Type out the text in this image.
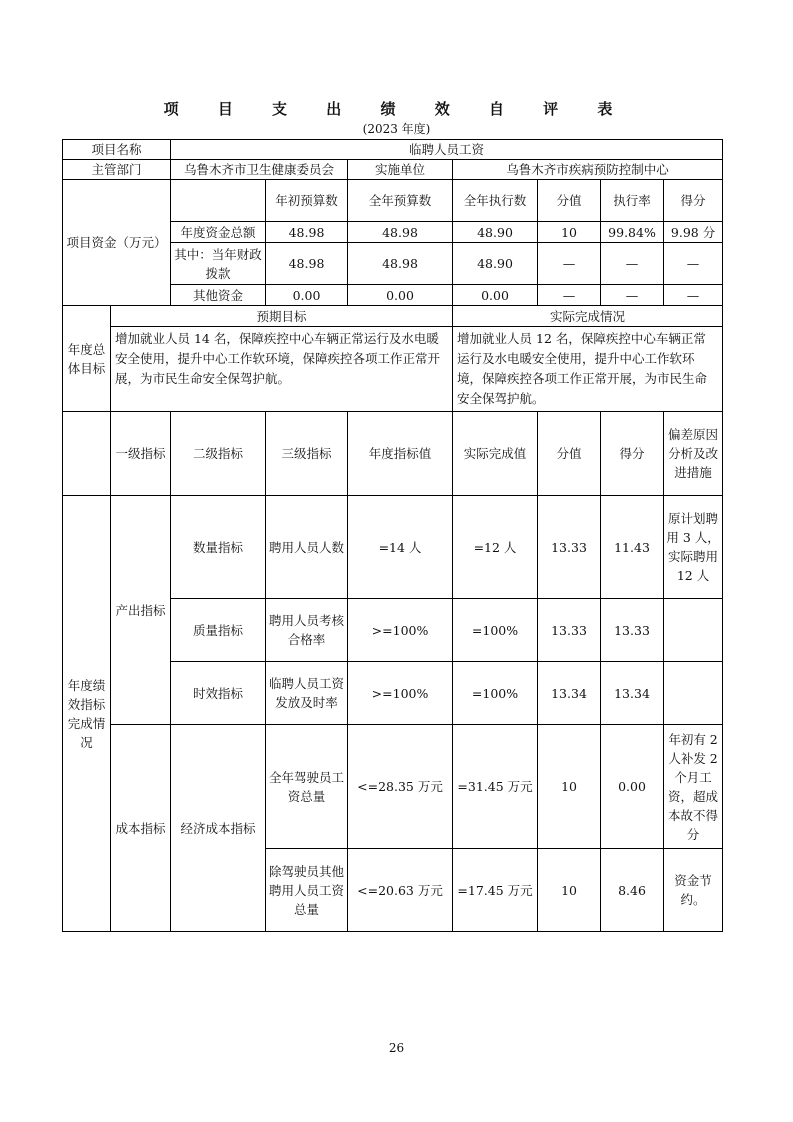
项 目 支 出 绩 效 自 评 表
(2023 年度)
项目名称		临聘人员工资						
主管部门		乌鲁木齐市卫生健康委员会		实施单位	乌鲁木齐市疾病预防控制中心			
项目资金（万元）			年初预算数	全年预算数	全年执行数	分值	执行率	得分
		年度资金总额	48.98	48.98	48.90	10	99.84%	9.98 分
		其中：当年财政拨款	48.98	48.98	48.90	—	—	—
		其他资金	0.00	0.00	0.00	—	—	—
年度总体目标	预期目标				实际完成情况			
	增加就业人员 14 名，保障疾控中心车辆正常运行及水电暖安全使用，提升中心工作软环境，保障疾控各项工作正常开展，为市民生命安全保驾护航。				增加就业人员 12 名，保障疾控中心车辆正常运行及水电暖安全使用，提升中心工作软环境，保障疾控各项工作正常开展，为市民生命安全保驾护航。			
	一级指标	二级指标	三级指标	年度指标值	实际完成值	分值	得分	偏差原因分析及改进措施
年度绩效指标完成情况	产出指标	数量指标	聘用人员人数	=14 人	=12 人	13.33	11.43	原计划聘用 3 人，实际聘用 12 人
		质量指标	聘用人员考核合格率	>=100%	=100%	13.33	13.33	
		时效指标	临聘人员工资发放及时率	>=100%	=100%	13.34	13.34	
	成本指标	经济成本指标	全年驾驶员工资总量	<=28.35 万元	=31.45 万元	10	0.00	年初有 2 人补发 2 个月工资，超成本故不得分
			除驾驶员其他聘用人员工资总量	<=20.63 万元	=17.45 万元	10	8.46	资金节约。
26
